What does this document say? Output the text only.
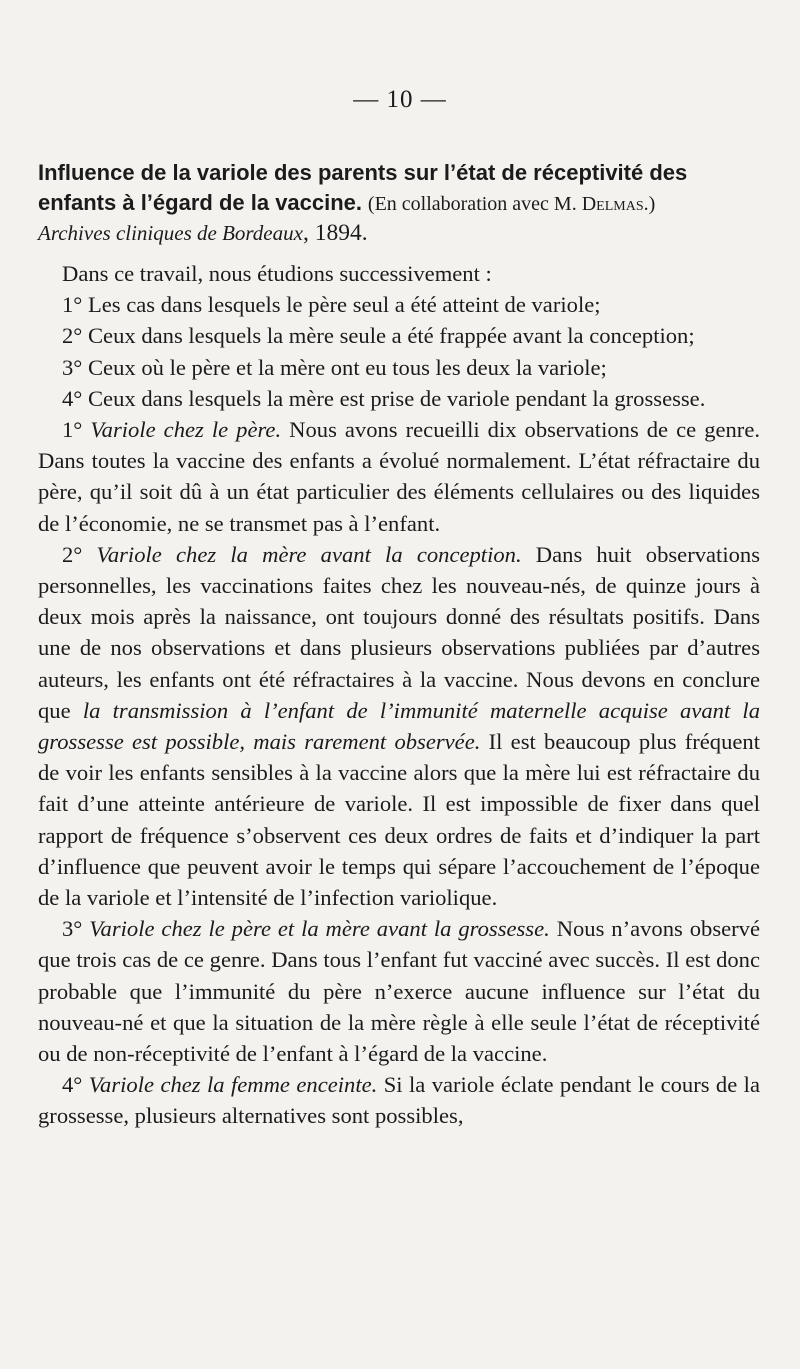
— 10 —
Influence de la variole des parents sur l’état de réceptivité des enfants à l’égard de la vaccine. (En collaboration avec M. Delmas.)
Archives cliniques de Bordeaux, 1894.

Dans ce travail, nous étudions successivement :

1° Les cas dans lesquels le père seul a été atteint de variole;

2° Ceux dans lesquels la mère seule a été frappée avant la conception;

3° Ceux où le père et la mère ont eu tous les deux la variole;

4° Ceux dans lesquels la mère est prise de variole pendant la grossesse.

1° Variole chez le père. Nous avons recueilli dix observations de ce genre. Dans toutes la vaccine des enfants a évolué normalement. L’état réfractaire du père, qu’il soit dû à un état particulier des éléments cellulaires ou des liquides de l’économie, ne se transmet pas à l’enfant.

2° Variole chez la mère avant la conception. Dans huit observations personnelles, les vaccinations faites chez les nouveau-nés, de quinze jours à deux mois après la naissance, ont toujours donné des résultats positifs. Dans une de nos observations et dans plusieurs observations publiées par d’autres auteurs, les enfants ont été réfractaires à la vaccine. Nous devons en conclure que la transmission à l’enfant de l’immunité maternelle acquise avant la grossesse est possible, mais rarement observée. Il est beaucoup plus fréquent de voir les enfants sensibles à la vaccine alors que la mère lui est réfractaire du fait d’une atteinte antérieure de variole. Il est impossible de fixer dans quel rapport de fréquence s’observent ces deux ordres de faits et d’indiquer la part d’influence que peuvent avoir le temps qui sépare l’accouchement de l’époque de la variole et l’intensité de l’infection variolique.

3° Variole chez le père et la mère avant la grossesse. Nous n’avons observé que trois cas de ce genre. Dans tous l’enfant fut vacciné avec succès. Il est donc probable que l’immunité du père n’exerce aucune influence sur l’état du nouveau-né et que la situation de la mère règle à elle seule l’état de réceptivité ou de non-réceptivité de l’enfant à l’égard de la vaccine.

4° Variole chez la femme enceinte. Si la variole éclate pendant le cours de la grossesse, plusieurs alternatives sont possibles,
